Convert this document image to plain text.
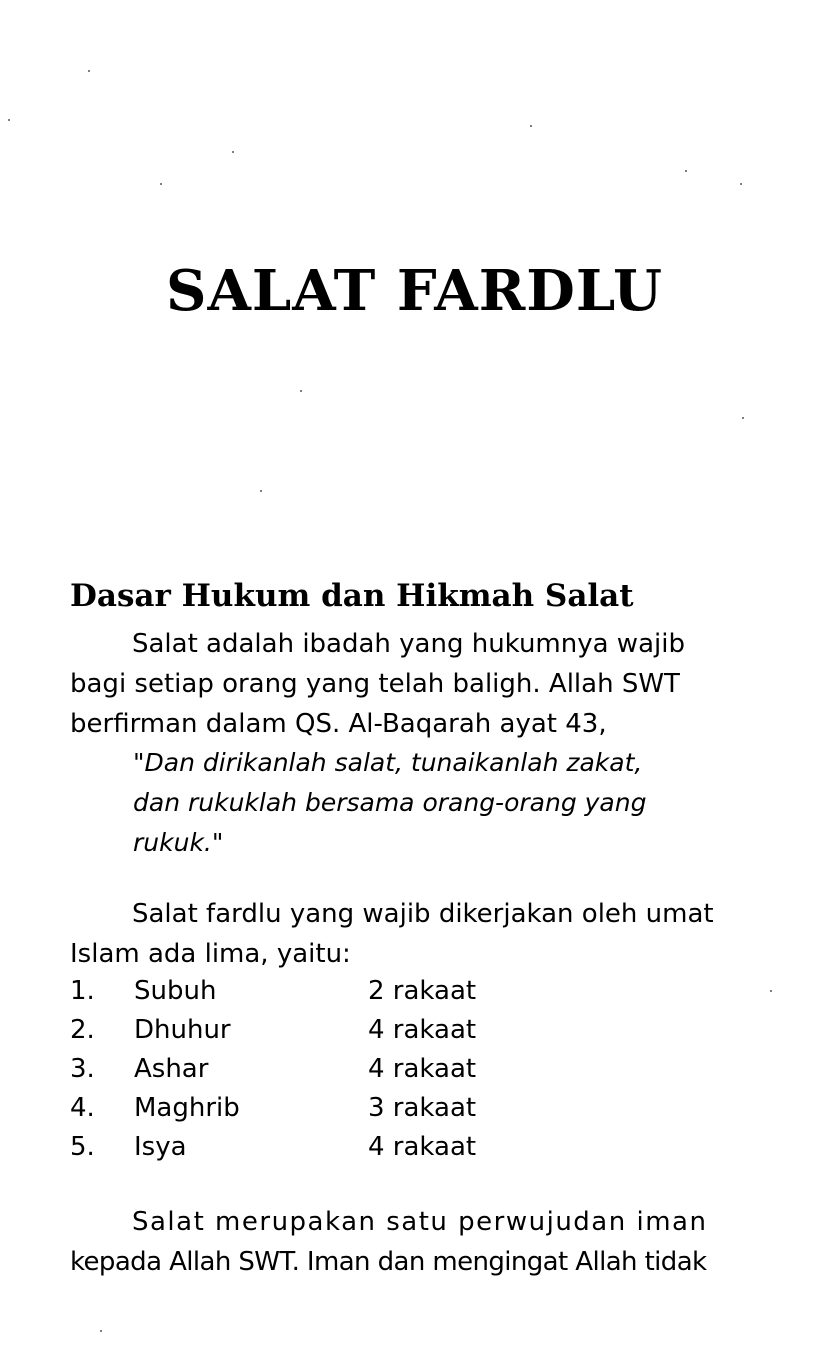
SALAT FARDLU
Dasar Hukum dan Hikmah Salat
Salat adalah ibadah yang hukumnya wajib
bagi setiap orang yang telah baligh. Allah SWT
berfirman dalam QS. Al-Baqarah ayat 43,
"Dan dirikanlah salat, tunaikanlah zakat,
dan rukuklah bersama orang-orang yang
rukuk."
Salat fardlu yang wajib dikerjakan oleh umat
Islam ada lima, yaitu:
1.	Subuh	2 rakaat
2.	Dhuhur	4 rakaat
3.	Ashar	4 rakaat
4.	Maghrib	3 rakaat
5.	Isya	4 rakaat
Salat merupakan satu perwujudan iman
kepada Allah SWT. Iman dan mengingat Allah tidak
